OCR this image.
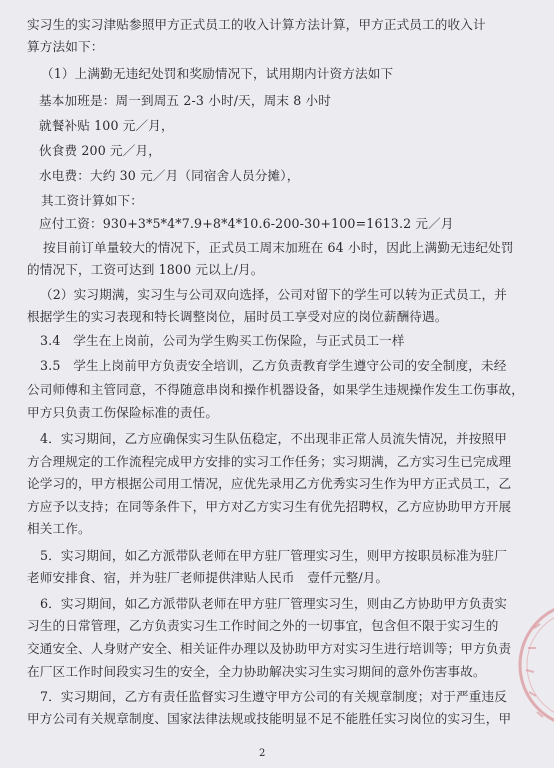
实习生的实习津贴参照甲方正式员工的收入计算方法计算，甲方正式员工的收入计
算方法如下：
（1）上满勤无违纪处罚和奖励情况下，试用期内计资方法如下
基本加班是：周一到周五 2-3 小时/天，周末 8 小时
就餐补贴 100 元／月，
伙食费 200 元／月，
水电费：大约 30 元／月（同宿舍人员分摊），
其工资计算如下：
应付工资：930+3*5*4*7.9+8*4*10.6-200-30+100=1613.2 元／月
按目前订单量较大的情况下，正式员工周末加班在 64 小时，因此上满勤无违纪处罚
的情况下，工资可达到 1800 元以上/月。
（2）实习期满，实习生与公司双向选择，公司对留下的学生可以转为正式员工，并
根据学生的实习表现和特长调整岗位，届时员工享受对应的岗位薪酬待遇。
3.4　学生在上岗前，公司为学生购买工伤保险，与正式员工一样
3.5　学生上岗前甲方负责安全培训，乙方负责教育学生遵守公司的安全制度，未经
公司师傅和主管同意，不得随意串岗和操作机器设备，如果学生违规操作发生工伤事故，
甲方只负责工伤保险标准的责任。
4．实习期间，乙方应确保实习生队伍稳定，不出现非正常人员流失情况，并按照甲
方合理规定的工作流程完成甲方安排的实习工作任务；实习期满，乙方实习生已完成理
论学习的，甲方根据公司用工情况，应优先录用乙方优秀实习生作为甲方正式员工，乙
方应予以支持；在同等条件下，甲方对乙方实习生有优先招聘权，乙方应协助甲方开展
相关工作。
5．实习期间，如乙方派带队老师在甲方驻厂管理实习生，则甲方按职员标准为驻厂
老师安排食、宿，并为驻厂老师提供津贴人民币　壹仟元整/月。
6．实习期间，如乙方派带队老师在甲方驻厂管理实习生，则由乙方协助甲方负责实
习生的日常管理，乙方负责实习生工作时间之外的一切事宜，包含但不限于实习生的
交通安全、人身财产安全、相关证件办理以及协助甲方对实习生进行培训等；甲方负责
在厂区工作时间段实习生的安全，全力协助解决实习生实习期间的意外伤害事故。
7．实习期间，乙方有责任监督实习生遵守甲方公司的有关规章制度；对于严重违反
甲方公司有关规章制度、国家法律法规或技能明显不足不能胜任实习岗位的实习生，甲
2
